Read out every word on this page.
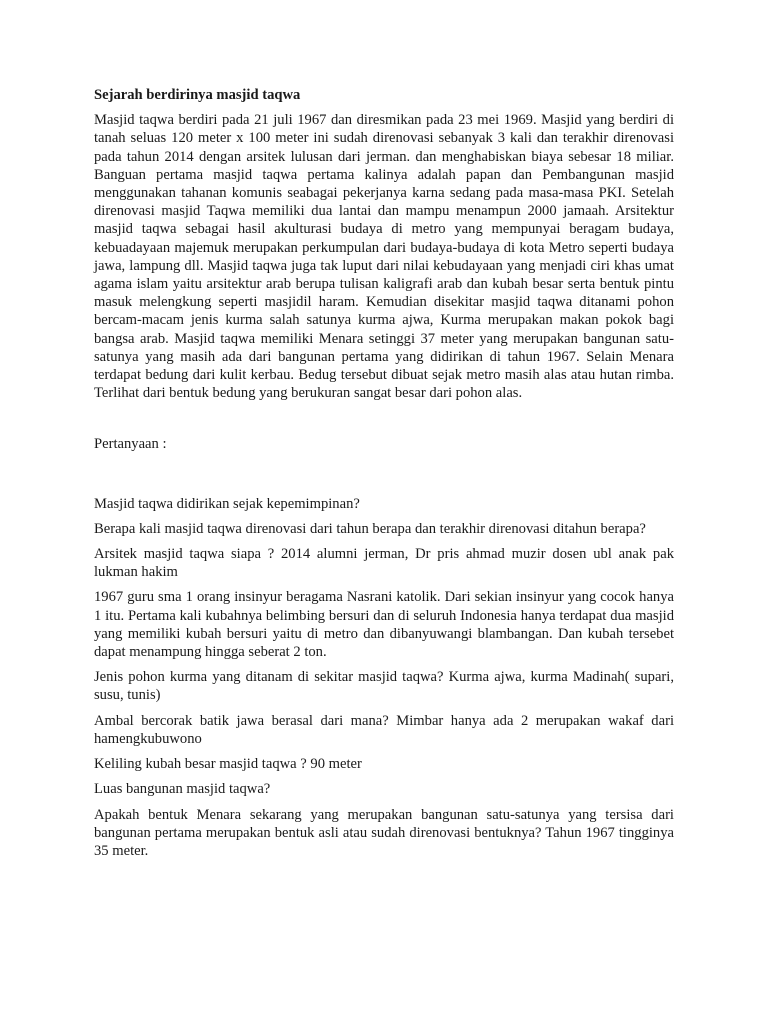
Sejarah berdirinya masjid taqwa

Masjid taqwa berdiri pada 21 juli 1967 dan diresmikan pada 23 mei 1969. Masjid yang berdiri di tanah seluas 120 meter x 100 meter ini sudah direnovasi sebanyak 3 kali dan terakhir direnovasi pada tahun 2014 dengan arsitek lulusan dari jerman. dan menghabiskan biaya sebesar 18 miliar. Banguan pertama masjid taqwa pertama kalinya adalah papan dan Pembangunan masjid menggunakan tahanan komunis seabagai pekerjanya karna sedang pada masa-masa PKI. Setelah direnovasi masjid Taqwa memiliki dua lantai dan mampu menampun 2000 jamaah. Arsitektur masjid taqwa sebagai hasil akulturasi budaya di metro yang mempunyai beragam budaya, kebuadayaan majemuk merupakan perkumpulan dari budaya-budaya di kota Metro seperti budaya jawa, lampung dll. Masjid taqwa juga tak luput dari nilai kebudayaan yang menjadi ciri khas umat agama islam yaitu arsitektur arab berupa tulisan kaligrafi arab dan kubah besar serta bentuk pintu masuk melengkung seperti masjidil haram. Kemudian disekitar masjid taqwa ditanami pohon bercam-macam jenis kurma salah satunya kurma ajwa, Kurma merupakan makan pokok bagi bangsa arab. Masjid taqwa memiliki Menara setinggi 37 meter yang merupakan bangunan satu-satunya yang masih ada dari bangunan pertama yang didirikan di tahun 1967. Selain Menara terdapat bedung dari kulit kerbau. Bedug tersebut dibuat sejak metro masih alas atau hutan rimba. Terlihat dari bentuk bedung yang berukuran sangat besar dari pohon alas.

Pertanyaan :

Masjid taqwa didirikan sejak kepemimpinan?

Berapa kali masjid taqwa direnovasi dari tahun berapa dan terakhir direnovasi ditahun berapa?

Arsitek masjid taqwa siapa ? 2014 alumni jerman, Dr pris ahmad muzir dosen ubl anak pak lukman hakim

1967 guru sma 1 orang insinyur beragama Nasrani katolik. Dari sekian insinyur yang cocok hanya 1 itu. Pertama kali kubahnya belimbing bersuri dan di seluruh Indonesia hanya terdapat dua masjid yang memiliki kubah bersuri yaitu di metro dan dibanyuwangi blambangan. Dan kubah tersebet dapat menampung hingga seberat 2 ton.

Jenis pohon kurma yang ditanam di sekitar masjid taqwa? Kurma ajwa, kurma Madinah( supari, susu, tunis)

Ambal bercorak batik jawa berasal dari mana? Mimbar hanya ada 2 merupakan wakaf dari hamengkubuwono

Keliling kubah besar masjid taqwa ? 90 meter

Luas bangunan masjid taqwa?

Apakah bentuk Menara sekarang yang merupakan bangunan satu-satunya yang tersisa dari bangunan pertama merupakan bentuk asli atau sudah direnovasi bentuknya? Tahun 1967 tingginya 35 meter.
